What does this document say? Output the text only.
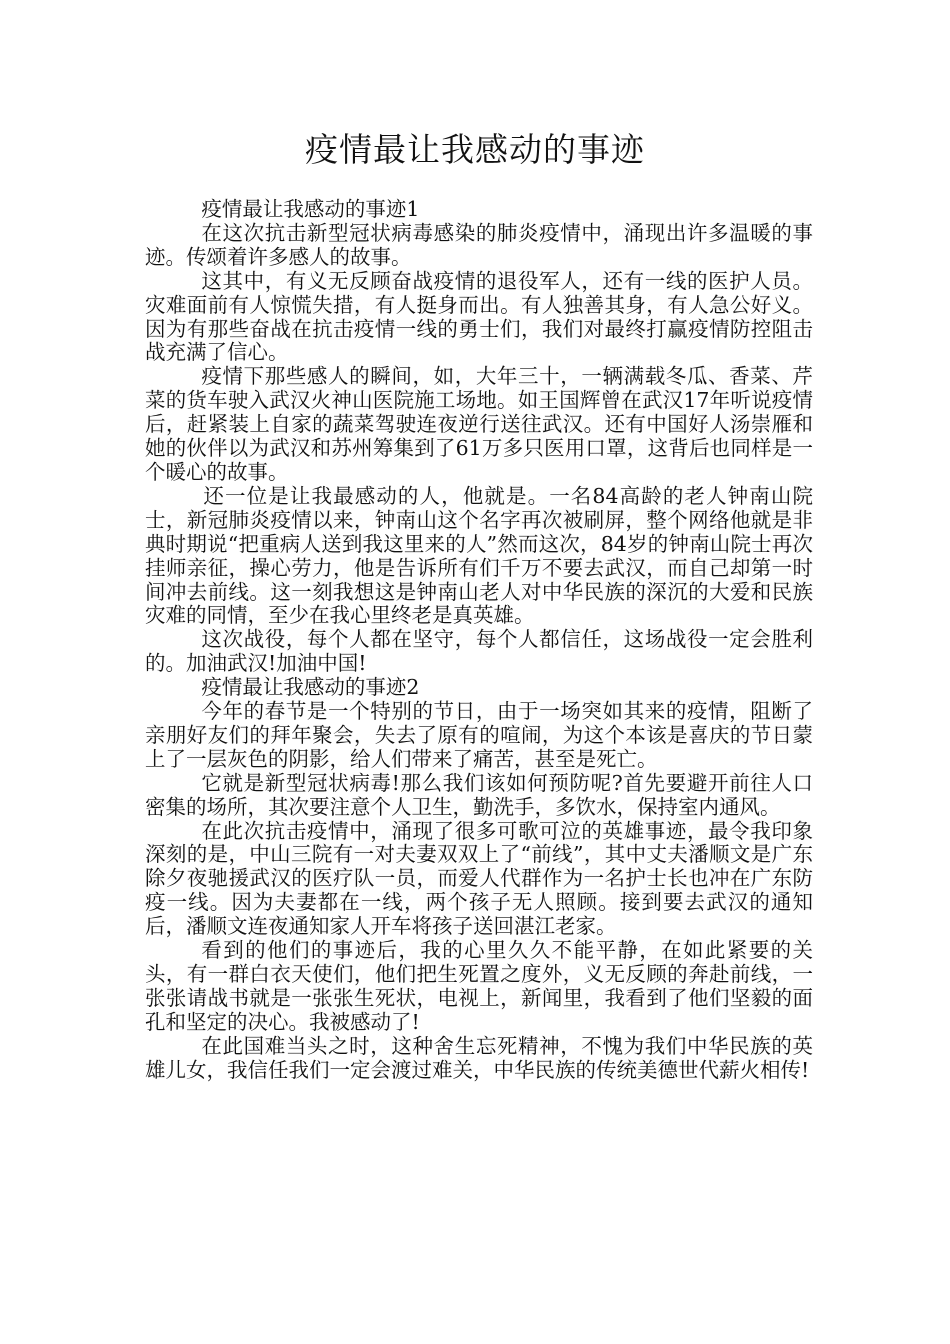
疫情最让我感动的事迹

疫情最让我感动的事迹1

在这次抗击新型冠状病毒感染的肺炎疫情中，涌现出许多温暖的事迹。传颂着许多感人的故事。

这其中，有义无反顾奋战疫情的退役军人，还有一线的医护人员。灾难面前有人惊慌失措，有人挺身而出。有人独善其身，有人急公好义。因为有那些奋战在抗击疫情一线的勇士们，我们对最终打赢疫情防控阻击战充满了信心。

疫情下那些感人的瞬间，如，大年三十，一辆满载冬瓜、香菜、芹菜的货车驶入武汉火神山医院施工场地。如王国辉曾在武汉17年听说疫情后，赶紧装上自家的蔬菜驾驶连夜逆行送往武汉。还有中国好人汤崇雁和她的伙伴以为武汉和苏州筹集到了61万多只医用口罩，这背后也同样是一个暖心的故事。

还一位是让我最感动的人，他就是。一名84高龄的老人钟南山院士，新冠肺炎疫情以来，钟南山这个名字再次被刷屏，整个网络他就是非典时期说“把重病人送到我这里来的人”然而这次，84岁的钟南山院士再次挂师亲征，操心劳力，他是告诉所有们千万不要去武汉，而自己却第一时间冲去前线。这一刻我想这是钟南山老人对中华民族的深沉的大爱和民族灾难的同情，至少在我心里终老是真英雄。

这次战役，每个人都在坚守，每个人都信任，这场战役一定会胜利的。加油武汉!加油中国!

疫情最让我感动的事迹2

今年的春节是一个特别的节日，由于一场突如其来的疫情，阻断了亲朋好友们的拜年聚会，失去了原有的喧闹，为这个本该是喜庆的节日蒙上了一层灰色的阴影，给人们带来了痛苦，甚至是死亡。

它就是新型冠状病毒!那么我们该如何预防呢?首先要避开前往人口密集的场所，其次要注意个人卫生，勤洗手，多饮水，保持室内通风。

在此次抗击疫情中，涌现了很多可歌可泣的英雄事迹，最令我印象深刻的是，中山三院有一对夫妻双双上了“前线”，其中丈夫潘顺文是广东除夕夜驰援武汉的医疗队一员，而爱人代群作为一名护士长也冲在广东防疫一线。因为夫妻都在一线，两个孩子无人照顾。接到要去武汉的通知后，潘顺文连夜通知家人开车将孩子送回湛江老家。

看到的他们的事迹后，我的心里久久不能平静，在如此紧要的关头，有一群白衣天使们，他们把生死置之度外，义无反顾的奔赴前线，一张张请战书就是一张张生死状，电视上，新闻里，我看到了他们坚毅的面孔和坚定的决心。我被感动了!

在此国难当头之时，这种舍生忘死精神，不愧为我们中华民族的英雄儿女，我信任我们一定会渡过难关，中华民族的传统美德世代薪火相传!
